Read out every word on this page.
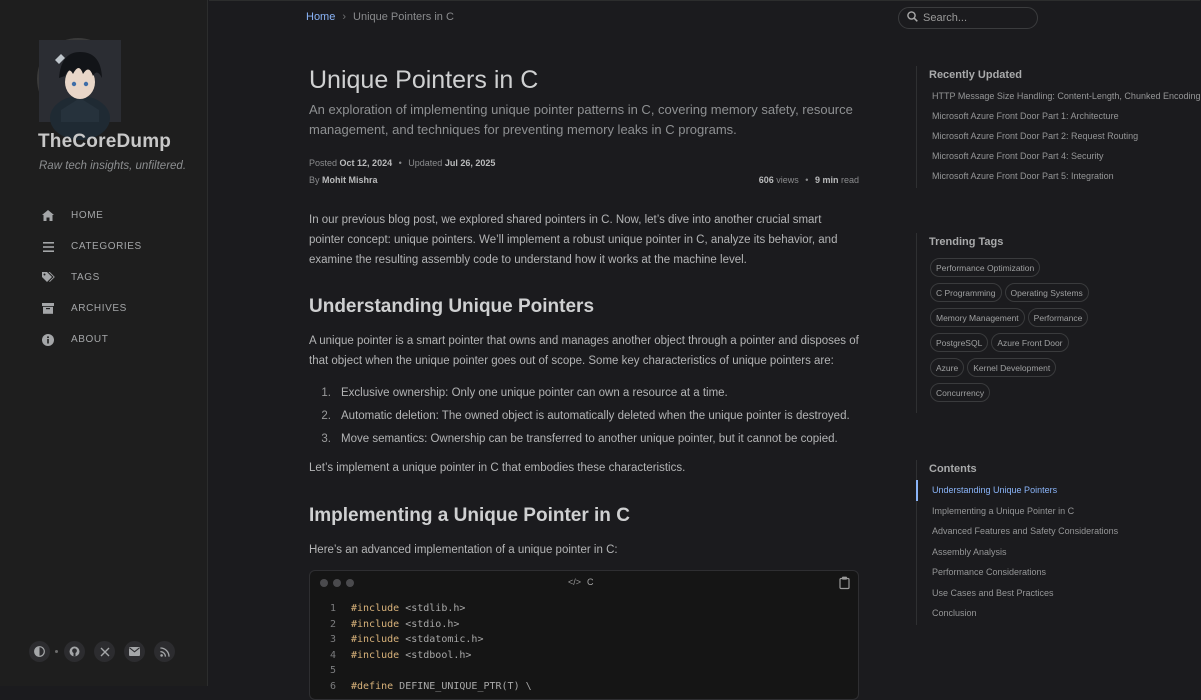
TheCoreDump
Raw tech insights, unfiltered.
HOME
CATEGORIES
TAGS
ARCHIVES
ABOUT
Home › Unique Pointers in C
Search...
Unique Pointers in C

An exploration of implementing unique pointer patterns in C, covering memory safety, resource management, and techniques for preventing memory leaks in C programs.

Posted Oct 12, 2024 • Updated Jul 26, 2025
By Mohit Mishra	606 views • 9 min read

In our previous blog post, we explored shared pointers in C. Now, let’s dive into another crucial smart pointer concept: unique pointers. We’ll implement a robust unique pointer in C, analyze its behavior, and examine the resulting assembly code to understand how it works at the machine level.

Understanding Unique Pointers

A unique pointer is a smart pointer that owns and manages another object through a pointer and disposes of that object when the unique pointer goes out of scope. Some key characteristics of unique pointers are:

1. Exclusive ownership: Only one unique pointer can own a resource at a time.
2. Automatic deletion: The owned object is automatically deleted when the unique pointer is destroyed.
3. Move semantics: Ownership can be transferred to another unique pointer, but it cannot be copied.

Let’s implement a unique pointer in C that embodies these characteristics.

Implementing a Unique Pointer in C

Here’s an advanced implementation of a unique pointer in C:

</> C
1 #include <stdlib.h>
2 #include <stdio.h>
3 #include <stdatomic.h>
4 #include <stdbool.h>
5
6 #define DEFINE_UNIQUE_PTR(T) \
Recently Updated
HTTP Message Size Handling: Content-Length, Chunked Encoding
Microsoft Azure Front Door Part 1: Architecture
Microsoft Azure Front Door Part 2: Request Routing
Microsoft Azure Front Door Part 4: Security
Microsoft Azure Front Door Part 5: Integration
Trending Tags
Performance Optimization
C Programming Operating Systems
Memory Management Performance
PostgreSQL Azure Front Door
Azure Kernel Development
Concurrency
Contents
Understanding Unique Pointers
Implementing a Unique Pointer in C
Advanced Features and Safety Considerations
Assembly Analysis
Performance Considerations
Use Cases and Best Practices
Conclusion
